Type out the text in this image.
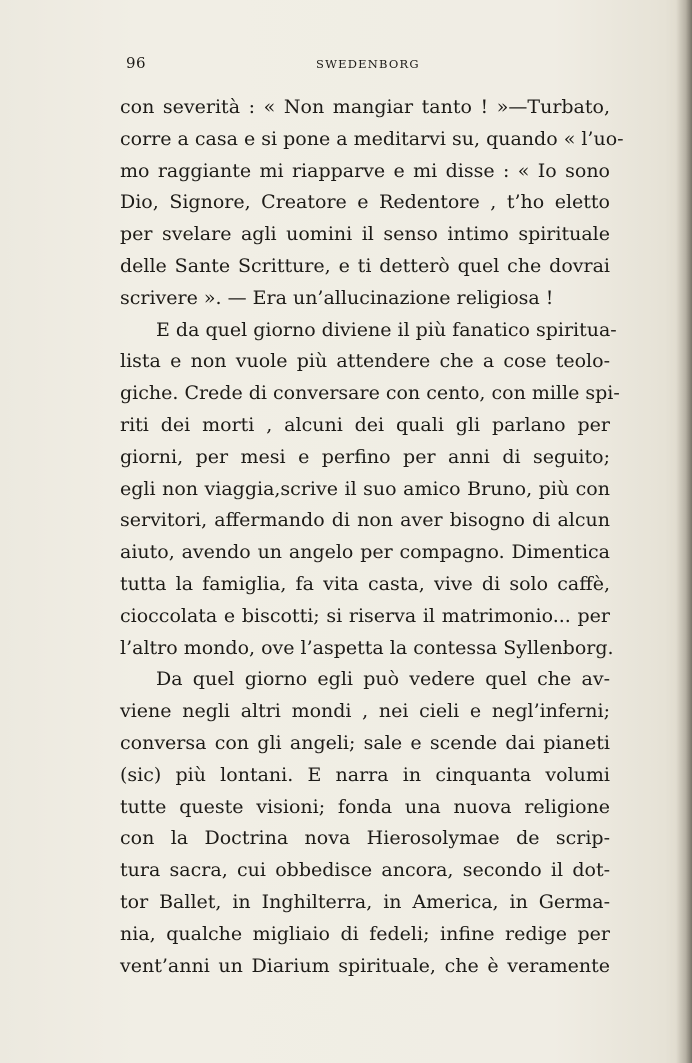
96	SWEDENBORG
con severità : « Non mangiar tanto ! »—Turbato,
corre a casa e si pone a meditarvi su, quando « l’uo-
mo raggiante mi riapparve e mi disse : « Io sono
Dio, Signore, Creatore e Redentore , t’ho eletto
per svelare agli uomini il senso intimo spirituale
delle Sante Scritture, e ti detterò quel che dovrai
scrivere ». — Era un’allucinazione religiosa !
E da quel giorno diviene il più fanatico spiritua-
lista e non vuole più attendere che a cose teolo-
giche. Crede di conversare con cento, con mille spi-
riti dei morti , alcuni dei quali gli parlano per
giorni, per mesi e perfino per anni di seguito;
egli non viaggia,scrive il suo amico Bruno, più con
servitori, affermando di non aver bisogno di alcun
aiuto, avendo un angelo per compagno. Dimentica
tutta la famiglia, fa vita casta, vive di solo caffè,
cioccolata e biscotti; si riserva il matrimonio... per
l’altro mondo, ove l’aspetta la contessa Syllenborg.
Da quel giorno egli può vedere quel che av-
viene negli altri mondi , nei cieli e negl’inferni;
conversa con gli angeli; sale e scende dai pianeti
(sic) più lontani. E narra in cinquanta volumi
tutte queste visioni; fonda una nuova religione
con la Doctrina nova Hierosolymae de scrip-
tura sacra, cui obbedisce ancora, secondo il dot-
tor Ballet, in Inghilterra, in America, in Germa-
nia, qualche migliaio di fedeli; infine redige per
vent’anni un Diarium spirituale, che è veramente
